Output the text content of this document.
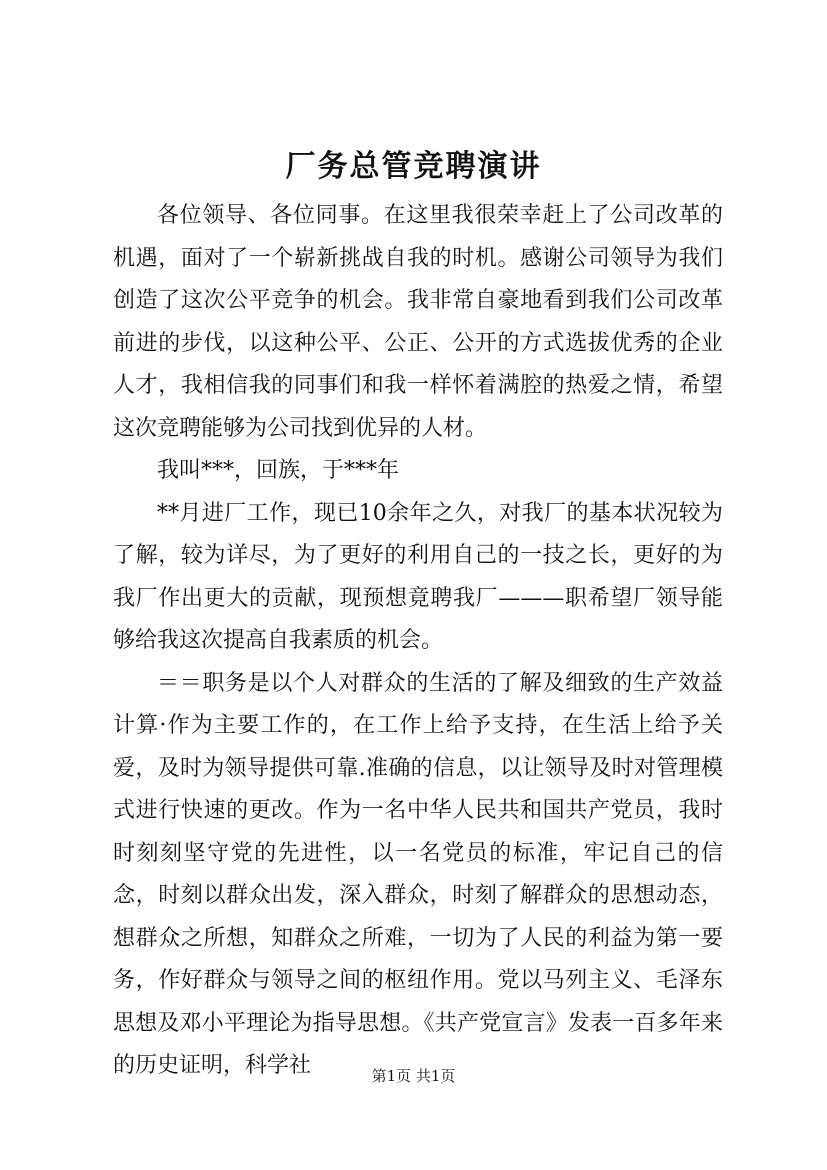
厂务总管竞聘演讲

各位领导、各位同事。在这里我很荣幸赶上了公司改革的机遇，面对了一个崭新挑战自我的时机。感谢公司领导为我们创造了这次公平竞争的机会。我非常自豪地看到我们公司改革前进的步伐，以这种公平、公正、公开的方式选拔优秀的企业人才，我相信我的同事们和我一样怀着满腔的热爱之情，希望这次竞聘能够为公司找到优异的人材。

我叫***，回族，于***年

**月进厂工作，现已10余年之久，对我厂的基本状况较为了解，较为详尽，为了更好的利用自己的一技之长，更好的为我厂作出更大的贡献，现预想竟聘我厂———职希望厂领导能够给我这次提高自我素质的机会。

＝＝职务是以个人对群众的生活的了解及细致的生产效益计算·作为主要工作的，在工作上给予支持，在生活上给予关爱，及时为领导提供可靠.准确的信息，以让领导及时对管理模式进行快速的更改。作为一名中华人民共和国共产党员，我时时刻刻坚守党的先进性，以一名党员的标准，牢记自己的信念，时刻以群众出发，深入群众，时刻了解群众的思想动态，想群众之所想，知群众之所难，一切为了人民的利益为第一要务，作好群众与领导之间的枢纽作用。党以马列主义、毛泽东思想及邓小平理论为指导思想。《共产党宣言》发表一百多年来的历史证明，科学社	第1页 共1页
